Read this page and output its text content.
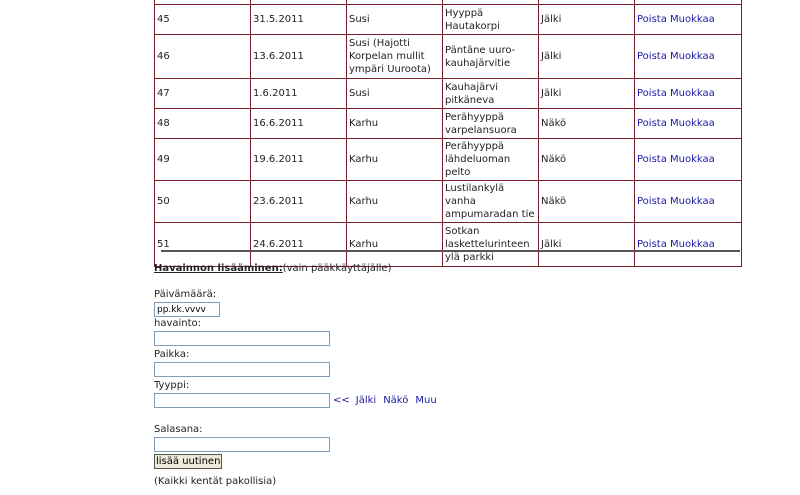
45	31.5.2011	Susi	Hyyppä Hautakorpi	Jälki	Poista Muokkaa
46	13.6.2011	Susi (Hajotti Korpelan mullit ympäri Uuroota)	Päntäne uuro-kauhajärvitie	Jälki	Poista Muokkaa
47	1.6.2011	Susi	Kauhajärvi pitkäneva	Jälki	Poista Muokkaa
48	16.6.2011	Karhu	Perähyyppä varpelansuora	Näkö	Poista Muokkaa
49	19.6.2011	Karhu	Perähyyppä lähdeluoman pelto	Näkö	Poista Muokkaa
50	23.6.2011	Karhu	Lustilankylä vanha ampumaradan tie	Näkö	Poista Muokkaa
51	24.6.2011	Karhu	Sotkan laskettelurinteen ylä parkki	Jälki	Poista Muokkaa
Havainnon lisääminen:(vain pääkkäyttäjälle)
Päivämäärä:
pp.kk.vvvv
havainto:
Paikka:
Tyyppi:
<< Jälki Näkö Muu
Salasana:
lisää uutinen
(Kaikki kentät pakollisia)
